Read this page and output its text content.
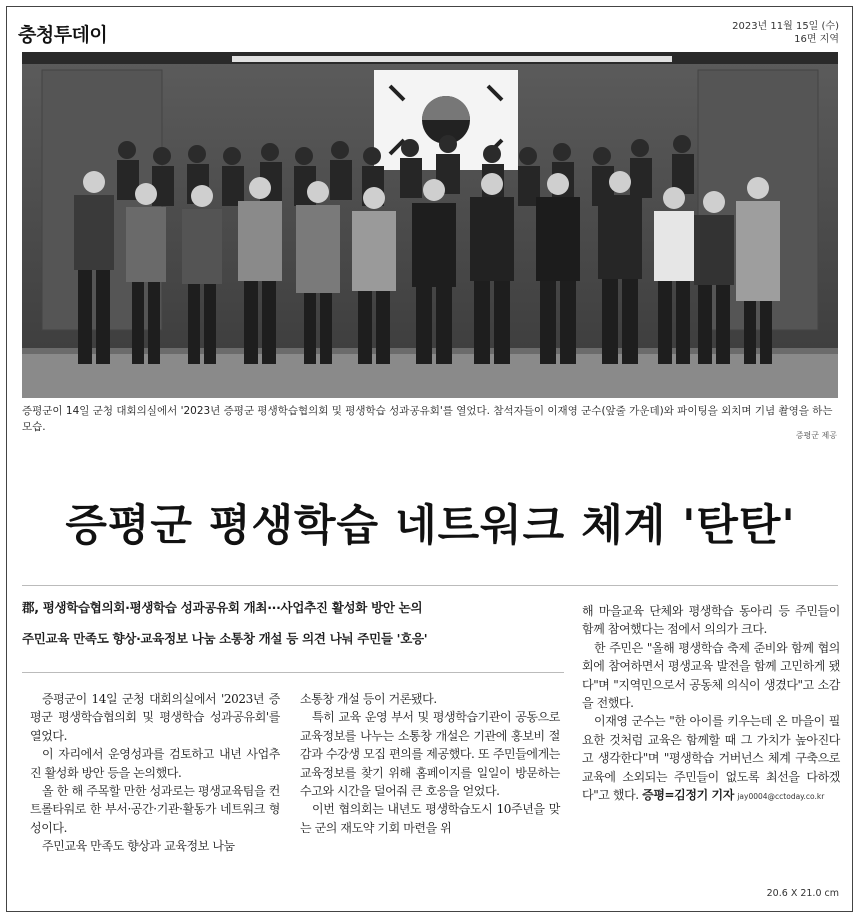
충청투데이	2023년 11월 15일 (수)
16면 지역
증평군이 14일 군청 대회의실에서 '2023년 증평군 평생학습협의회 및 평생학습 성과공유회'를 열었다. 참석자들이 이재영 군수(앞줄 가운데)와 파이팅을 외치며 기념 촬영을 하는 모습.
증평군 제공
증평군 평생학습 네트워크 체계 '탄탄'
郡, 평생학습협의회·평생학습 성과공유회 개최···사업추진 활성화 방안 논의
주민교육 만족도 향상·교육정보 나눔 소통창 개설 등 의견 나눠 주민들 '호응'

증평군이 14일 군청 대회의실에서 '2023년 증평군 평생학습협의회 및 평생학습 성과공유회'를 열었다.

이 자리에서 운영성과를 검토하고 내년 사업추진 활성화 방안 등을 논의했다.

올 한 해 주목할 만한 성과로는 평생교육팀을 컨트롤타워로 한 부서·공간·기관·활동가 네트워크 형성이다.

주민교육 만족도 향상과 교육정보 나눔

소통창 개설 등이 거론됐다.

특히 교육 운영 부서 및 평생학습기관이 공동으로 교육정보를 나누는 소통창 개설은 기관에 홍보비 절감과 수강생 모집 편의를 제공했다. 또 주민들에게는 교육정보를 찾기 위해 홈페이지를 일일이 방문하는 수고와 시간을 덜어줘 큰 호응을 얻었다.

이번 협의회는 내년도 평생학습도시 10주년을 맞는 군의 재도약 기회 마련을 위

해 마을교육 단체와 평생학습 동아리 등 주민들이 함께 참여했다는 점에서 의의가 크다.

한 주민은 "올해 평생학습 축제 준비와 함께 협의회에 참여하면서 평생교육 발전을 함께 고민하게 됐다"며 "지역민으로서 공동체 의식이 생겼다"고 소감을 전했다.

이재영 군수는 "한 아이를 키우는데 온 마을이 필요한 것처럼 교육은 함께할 때 그 가치가 높아진다고 생각한다"며 "평생학습 거버넌스 체계 구축으로 교육에 소외되는 주민들이 없도록 최선을 다하겠다"고 했다. 증평=김정기 기자 jay0004@cctoday.co.kr

20.6 X 21.0 cm
